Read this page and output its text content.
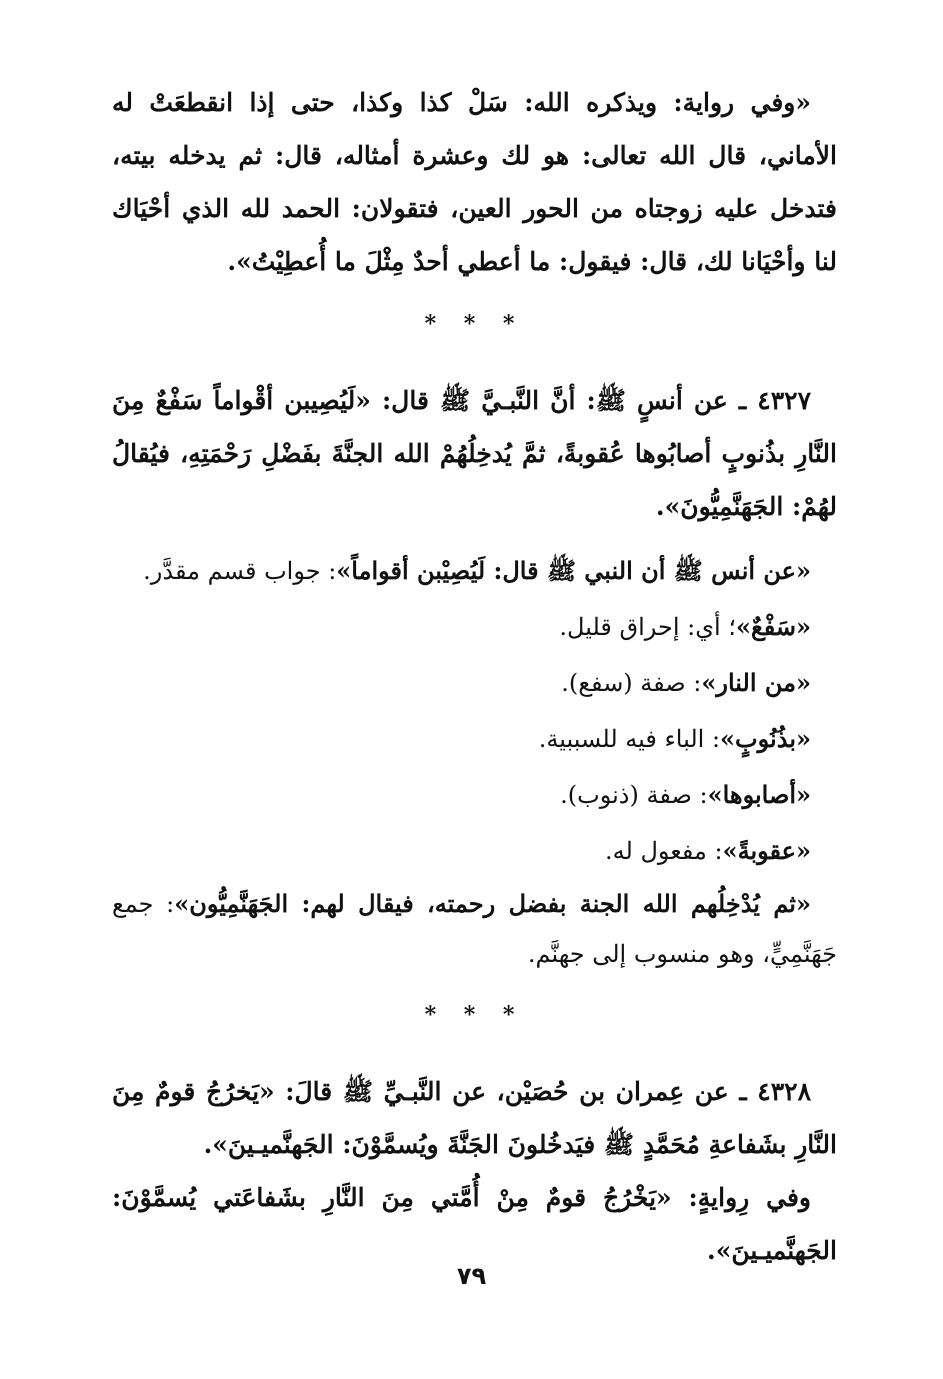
«وفي رواية: ويذكره الله: سَلْ كذا وكذا، حتى إذا انقطعَتْ له الأماني، قال الله تعالى: هو لك وعشرة أمثاله، قال: ثم يدخله بيته، فتدخل عليه زوجتاه من الحور العين، فتقولان: الحمد لله الذي أحْيَاك لنا وأحْيَانا لك، قال: فيقول: ما أعطي أحدٌ مِثْلَ ما أُعطِيْتُ».

* * *

٤٣٢٧ ـ عن أنسٍ ﷺ: أنَّ النَّبـيَّ ﷺ قال: «لَيُصِيبن أقْواماً سَفْعٌ مِنَ النَّارِ بذُنوبٍ أصابُوها عُقوبةً، ثمَّ يُدخِلُهُمْ الله الجنَّةَ بفَضْلِ رَحْمَتِهِ، فيُقالُ لهُمْ: الجَهَنَّمِيُّونَ».

«عن أنس ﷺ أن النبي ﷺ قال: لَيُصِيْبن أقواماً»: جواب قسم مقدَّر.

«سَفْعٌ»؛ أي: إحراق قليل.

«من النار»: صفة (سفع).

«بذُنُوبٍ»: الباء فيه للسببية.

«أصابوها»: صفة (ذنوب).

«عقوبةً»: مفعول له.

«ثم يُدْخِلُهم الله الجنة بفضل رحمته، فيقال لهم: الجَهَنَّمِيُّون»: جمع جَهَنَّمِيٍّ، وهو منسوب إلى جهنَّم.

* * *

٤٣٢٨ ـ عن عِمران بن حُصَيْن، عن النَّبـيِّ ﷺ قالَ: «يَخرُجُ قومٌ مِنَ النَّارِ بشَفاعةِ مُحَمَّدٍ ﷺ فيَدخُلونَ الجَنَّةَ ويُسمَّوْنَ: الجَهنَّميـينَ».

وفي رِوايةٍ: «يَخْرُجُ قومٌ مِنْ أُمَّتي مِنَ النَّارِ بشَفاعَتي يُسمَّوْنَ: الجَهنَّميـينَ».

٧٩
